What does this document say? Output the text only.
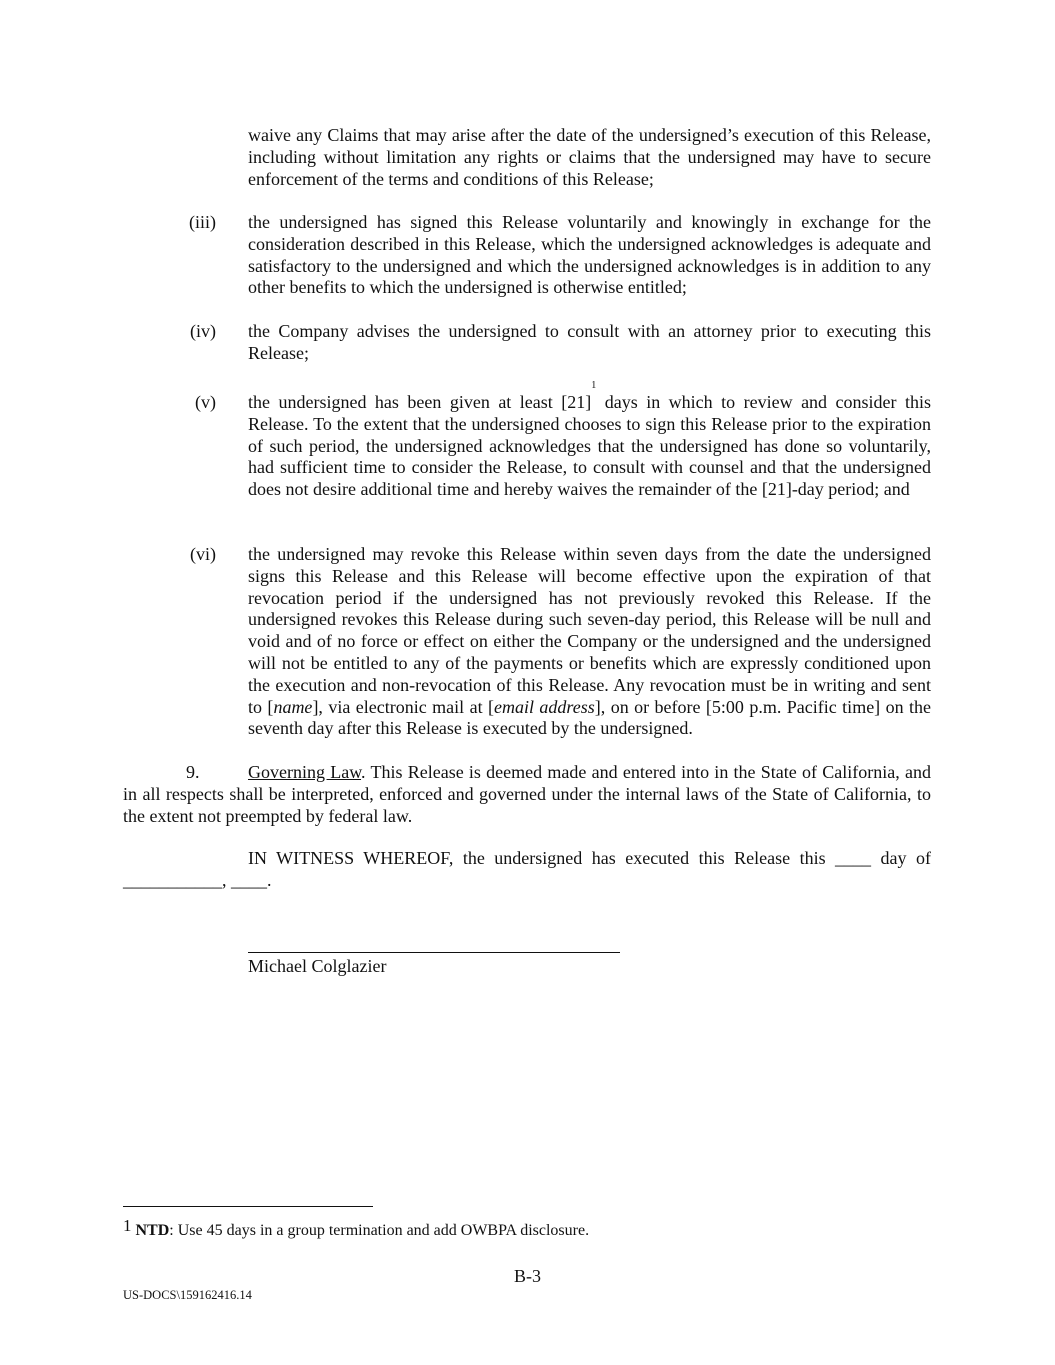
waive any Claims that may arise after the date of the undersigned’s execution of this Release, including without limitation any rights or claims that the undersigned may have to secure enforcement of the terms and conditions of this Release;

(iii) the undersigned has signed this Release voluntarily and knowingly in exchange for the consideration described in this Release, which the undersigned acknowledges is adequate and satisfactory to the undersigned and which the undersigned acknowledges is in addition to any other benefits to which the undersigned is otherwise entitled;

(iv) the Company advises the undersigned to consult with an attorney prior to executing this Release;

(v) the undersigned has been given at least $[21]^1$ days in which to review and consider this Release. To the extent that the undersigned chooses to sign this Release prior to the expiration of such period, the undersigned acknowledges that the undersigned has done so voluntarily, had sufficient time to consider the Release, to consult with counsel and that the undersigned does not desire additional time and hereby waives the remainder of the [21]-day period; and

(vi) the undersigned may revoke this Release within seven days from the date the undersigned signs this Release and this Release will become effective upon the expiration of that revocation period if the undersigned has not previously revoked this Release. If the undersigned revokes this Release during such seven-day period, this Release will be null and void and of no force or effect on either the Company or the undersigned and the undersigned will not be entitled to any of the payments or benefits which are expressly conditioned upon the execution and non-revocation of this Release. Any revocation must be in writing and sent to [name], via electronic mail at [email address], on or before [5:00 p.m. Pacific time] on the seventh day after this Release is executed by the undersigned.

9.	Governing Law. This Release is deemed made and entered into in the State of California, and in all respects shall be interpreted, enforced and governed under the internal laws of the State of California, to the extent not preempted by federal law.

IN WITNESS WHEREOF, the undersigned has executed this Release this ____ day of

___________, ____.

Michael Colglazier

1 NTD: Use 45 days in a group termination and add OWBPA disclosure.
B-3
US-DOCS\159162416.14
